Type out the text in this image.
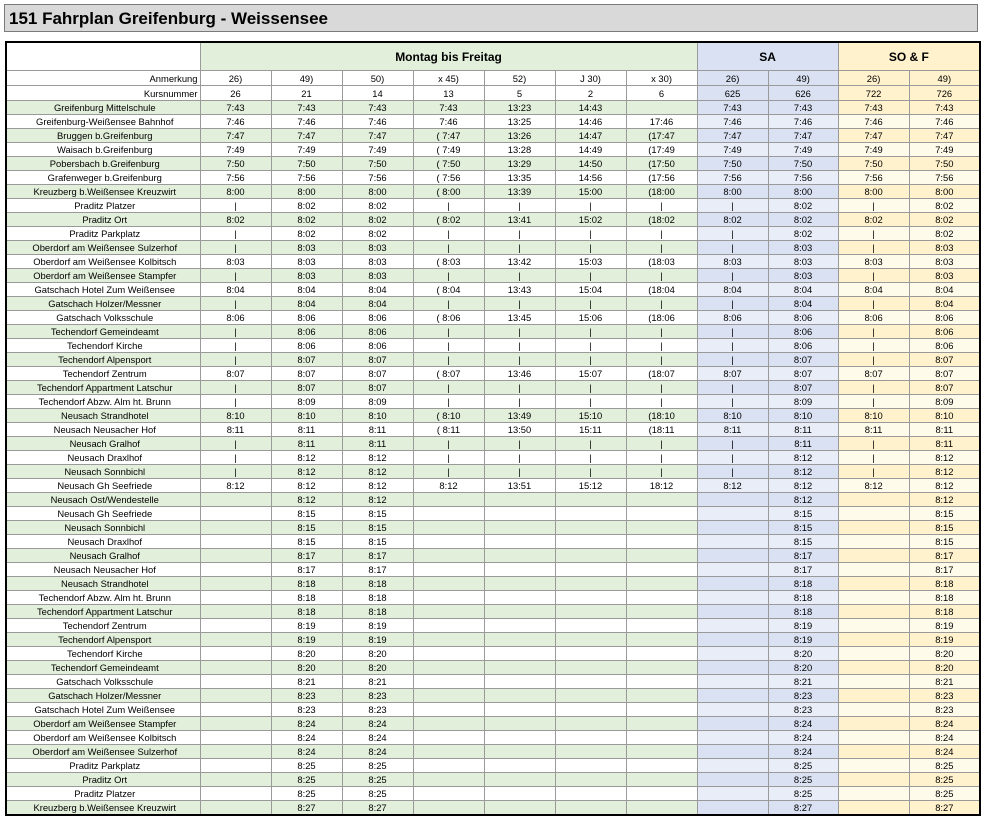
151 Fahrplan Greifenburg - Weissensee
	Montag bis Freitag							SA		SO & F	
Anmerkung	26)	49)	50)	x 45)	52)	J 30)	x 30)	26)	49)	26)	49)
Kursnummer	26	21	14	13	5	2	6	625	626	722	726
Greifenburg Mittelschule	7:43	7:43	7:43	7:43	13:23	14:43		7:43	7:43	7:43	7:43
Greifenburg-Weißensee Bahnhof	7:46	7:46	7:46	7:46	13:25	14:46	17:46	7:46	7:46	7:46	7:46
Bruggen b.Greifenburg	7:47	7:47	7:47	( 7:47	13:26	14:47	(17:47	7:47	7:47	7:47	7:47
Waisach b.Greifenburg	7:49	7:49	7:49	( 7:49	13:28	14:49	(17:49	7:49	7:49	7:49	7:49
Pobersbach b.Greifenburg	7:50	7:50	7:50	( 7:50	13:29	14:50	(17:50	7:50	7:50	7:50	7:50
Grafenweger b.Greifenburg	7:56	7:56	7:56	( 7:56	13:35	14:56	(17:56	7:56	7:56	7:56	7:56
Kreuzberg b.Weißensee Kreuzwirt	8:00	8:00	8:00	( 8:00	13:39	15:00	(18:00	8:00	8:00	8:00	8:00
Praditz Platzer	|	8:02	8:02	|	|	|	|	|	8:02	|	8:02
Praditz Ort	8:02	8:02	8:02	( 8:02	13:41	15:02	(18:02	8:02	8:02	8:02	8:02
Praditz Parkplatz	|	8:02	8:02	|	|	|	|	|	8:02	|	8:02
Oberdorf am Weißensee Sulzerhof	|	8:03	8:03	|	|	|	|	|	8:03	|	8:03
Oberdorf am Weißensee Kolbitsch	8:03	8:03	8:03	( 8:03	13:42	15:03	(18:03	8:03	8:03	8:03	8:03
Oberdorf am Weißensee Stampfer	|	8:03	8:03	|	|	|	|	|	8:03	|	8:03
Gatschach Hotel Zum Weißensee	8:04	8:04	8:04	( 8:04	13:43	15:04	(18:04	8:04	8:04	8:04	8:04
Gatschach Holzer/Messner	|	8:04	8:04	|	|	|	|	|	8:04	|	8:04
Gatschach Volksschule	8:06	8:06	8:06	( 8:06	13:45	15:06	(18:06	8:06	8:06	8:06	8:06
Techendorf Gemeindeamt	|	8:06	8:06	|	|	|	|	|	8:06	|	8:06
Techendorf Kirche	|	8:06	8:06	|	|	|	|	|	8:06	|	8:06
Techendorf Alpensport	|	8:07	8:07	|	|	|	|	|	8:07	|	8:07
Techendorf Zentrum	8:07	8:07	8:07	( 8:07	13:46	15:07	(18:07	8:07	8:07	8:07	8:07
Techendorf Appartment Latschur	|	8:07	8:07	|	|	|	|	|	8:07	|	8:07
Techendorf Abzw. Alm ht. Brunn	|	8:09	8:09	|	|	|	|	|	8:09	|	8:09
Neusach Strandhotel	8:10	8:10	8:10	( 8:10	13:49	15:10	(18:10	8:10	8:10	8:10	8:10
Neusach Neusacher Hof	8:11	8:11	8:11	( 8:11	13:50	15:11	(18:11	8:11	8:11	8:11	8:11
Neusach Gralhof	|	8:11	8:11	|	|	|	|	|	8:11	|	8:11
Neusach Draxlhof	|	8:12	8:12	|	|	|	|	|	8:12	|	8:12
Neusach Sonnbichl	|	8:12	8:12	|	|	|	|	|	8:12	|	8:12
Neusach Gh Seefriede	8:12	8:12	8:12	8:12	13:51	15:12	18:12	8:12	8:12	8:12	8:12
Neusach Ost/Wendestelle		8:12	8:12						8:12		8:12
Neusach Gh Seefriede		8:15	8:15						8:15		8:15
Neusach Sonnbichl		8:15	8:15						8:15		8:15
Neusach Draxlhof		8:15	8:15						8:15		8:15
Neusach Gralhof		8:17	8:17						8:17		8:17
Neusach Neusacher Hof		8:17	8:17						8:17		8:17
Neusach Strandhotel		8:18	8:18						8:18		8:18
Techendorf Abzw. Alm ht. Brunn		8:18	8:18						8:18		8:18
Techendorf Appartment Latschur		8:18	8:18						8:18		8:18
Techendorf Zentrum		8:19	8:19						8:19		8:19
Techendorf Alpensport		8:19	8:19						8:19		8:19
Techendorf Kirche		8:20	8:20						8:20		8:20
Techendorf Gemeindeamt		8:20	8:20						8:20		8:20
Gatschach Volksschule		8:21	8:21						8:21		8:21
Gatschach Holzer/Messner		8:23	8:23						8:23		8:23
Gatschach Hotel Zum Weißensee		8:23	8:23						8:23		8:23
Oberdorf am Weißensee Stampfer		8:24	8:24						8:24		8:24
Oberdorf am Weißensee Kolbitsch		8:24	8:24						8:24		8:24
Oberdorf am Weißensee Sulzerhof		8:24	8:24						8:24		8:24
Praditz Parkplatz		8:25	8:25						8:25		8:25
Praditz Ort		8:25	8:25						8:25		8:25
Praditz Platzer		8:25	8:25						8:25		8:25
Kreuzberg b.Weißensee Kreuzwirt		8:27	8:27						8:27		8:27
